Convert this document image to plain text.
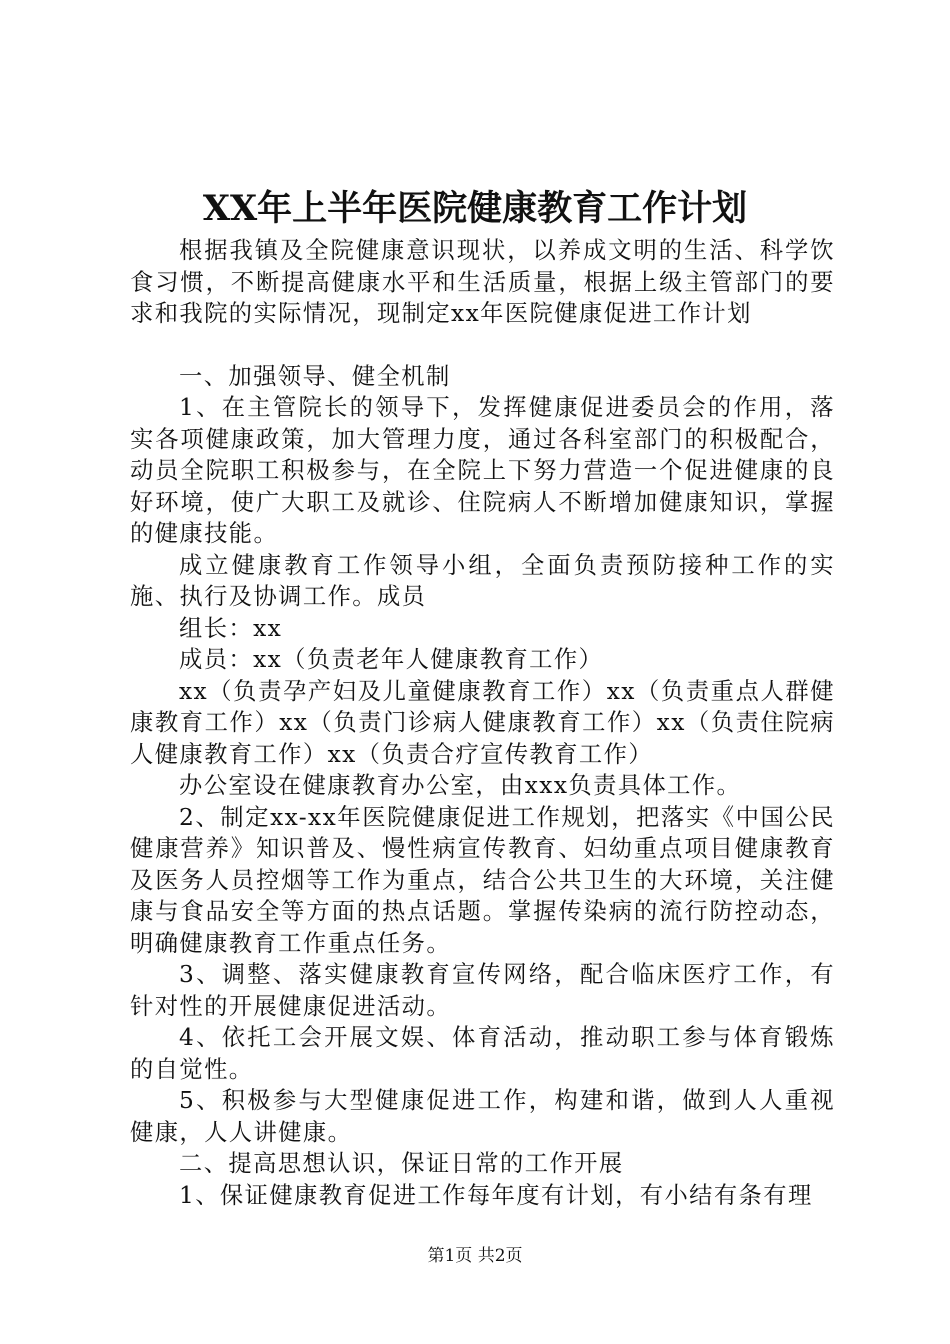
XX年上半年医院健康教育工作计划

根据我镇及全院健康意识现状，以养成文明的生活、科学饮食习惯，不断提高健康水平和生活质量，根据上级主管部门的要求和我院的实际情况，现制定xx年医院健康促进工作计划

一、加强领导、健全机制

1、在主管院长的领导下，发挥健康促进委员会的作用，落实各项健康政策，加大管理力度，通过各科室部门的积极配合，动员全院职工积极参与，在全院上下努力营造一个促进健康的良好环境，使广大职工及就诊、住院病人不断增加健康知识，掌握的健康技能。

成立健康教育工作领导小组，全面负责预防接种工作的实施、执行及协调工作。成员

组长：xx

成员：xx（负责老年人健康教育工作）

xx（负责孕产妇及儿童健康教育工作）xx（负责重点人群健康教育工作）xx（负责门诊病人健康教育工作）xx（负责住院病人健康教育工作）xx（负责合疗宣传教育工作）

办公室设在健康教育办公室，由xxx负责具体工作。

2、制定xx-xx年医院健康促进工作规划，把落实《中国公民健康营养》知识普及、慢性病宣传教育、妇幼重点项目健康教育及医务人员控烟等工作为重点，结合公共卫生的大环境，关注健康与食品安全等方面的热点话题。掌握传染病的流行防控动态，明确健康教育工作重点任务。

3、调整、落实健康教育宣传网络，配合临床医疗工作，有针对性的开展健康促进活动。

4、依托工会开展文娱、体育活动，推动职工参与体育锻炼的自觉性。

5、积极参与大型健康促进工作，构建和谐，做到人人重视健康，人人讲健康。

二、提高思想认识，保证日常的工作开展

1、保证健康教育促进工作每年度有计划，有小结有条有理

第1页 共2页
